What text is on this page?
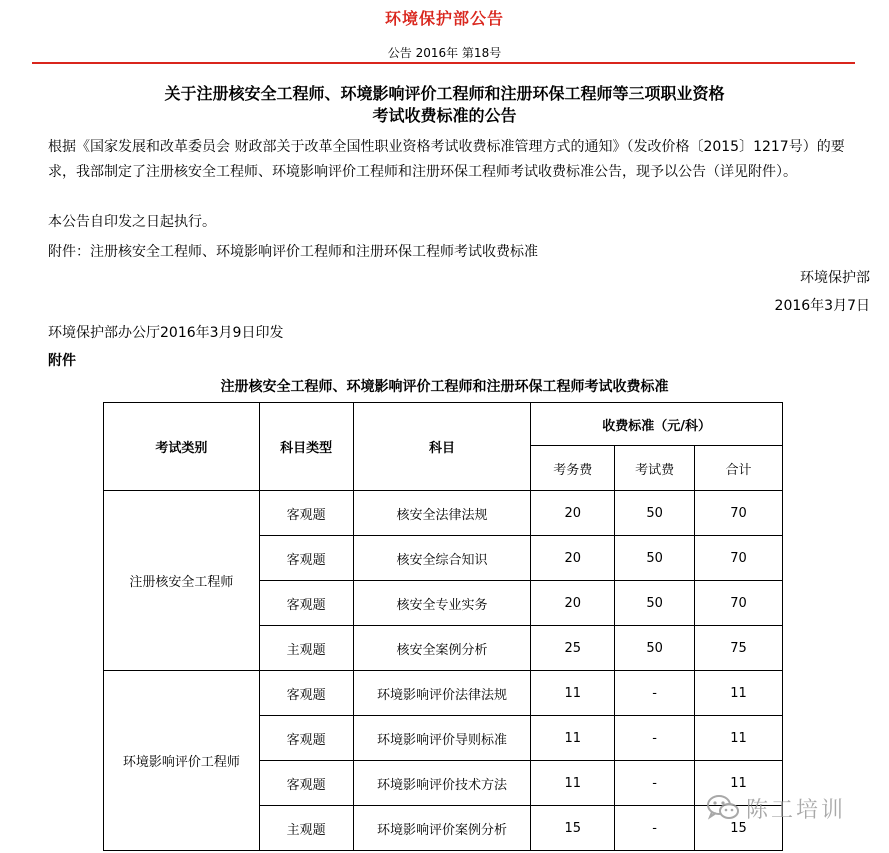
环境保护部公告
公告 2016年 第18号
关于注册核安全工程师、环境影响评价工程师和注册环保工程师等三项职业资格
考试收费标准的公告
根据《国家发展和改革委员会 财政部关于改革全国性职业资格考试收费标准管理方式的通知》（发改价格〔2015〕1217号）的要求，我部制定了注册核安全工程师、环境影响评价工程师和注册环保工程师考试收费标准公告，现予以公告（详见附件）。
本公告自印发之日起执行。
附件：注册核安全工程师、环境影响评价工程师和注册环保工程师考试收费标准
环境保护部
2016年3月7日
环境保护部办公厅2016年3月9日印发
附件
注册核安全工程师、环境影响评价工程师和注册环保工程师考试收费标准
考试类别	科目类型	科目	收费标准（元/科）		
			考务费	考试费	合计
注册核安全工程师	客观题	核安全法律法规	20	50	70
	客观题	核安全综合知识	20	50	70
	客观题	核安全专业实务	20	50	70
	主观题	核安全案例分析	25	50	75
环境影响评价工程师	客观题	环境影响评价法律法规	11	-	11
	客观题	环境影响评价导则标准	11	-	11
	客观题	环境影响评价技术方法	11	-	11
	主观题	环境影响评价案例分析	15	-	15
陈工培训
